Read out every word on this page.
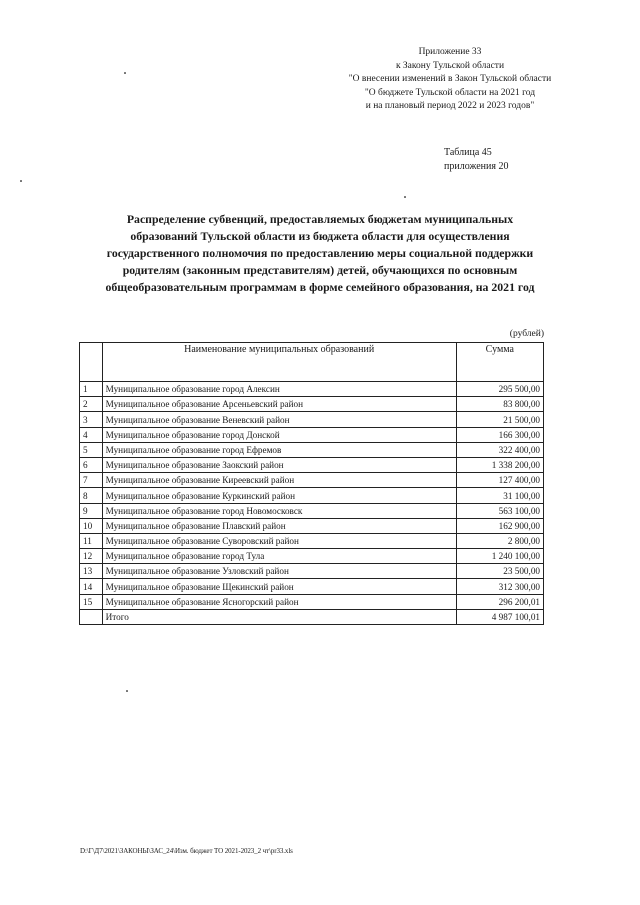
Приложение 33
к Закону Тульской области
"О внесении изменений в Закон Тульской области
"О бюджете Тульской области на 2021 год
и на плановый период 2022 и 2023 годов"
Таблица 45
приложения 20
Распределение субвенций, предоставляемых бюджетам муниципальных
образований Тульской области из бюджета области для осуществления
государственного полномочия по предоставлению меры социальной поддержки
родителям (законным представителям) детей, обучающихся по основным
общеобразовательным программам в форме семейного образования, на 2021 год
(рублей)
	Наименование муниципальных образований	Сумма
1	Муниципальное образование город Алексин	295 500,00
2	Муниципальное образование Арсеньевский район	83 800,00
3	Муниципальное образование Веневский район	21 500,00
4	Муниципальное образование город Донской	166 300,00
5	Муниципальное образование город Ефремов	322 400,00
6	Муниципальное образование Заокский район	1 338 200,00
7	Муниципальное образование Киреевский район	127 400,00
8	Муниципальное образование Куркинский район	31 100,00
9	Муниципальное образование город Новомосковск	563 100,00
10	Муниципальное образование Плавский район	162 900,00
11	Муниципальное образование Суворовский район	2 800,00
12	Муниципальное образование город Тула	1 240 100,00
13	Муниципальное образование Узловский район	23 500,00
14	Муниципальное образование Щекинский район	312 300,00
15	Муниципальное образование Ясногорский район	296 200,01
	Итого	4 987 100,01
D:\Г\Д7\2021\ЗАКОНЫ\ЗАС_24\Изм. бюджет ТО 2021-2023_2 чт\pr33.xls
